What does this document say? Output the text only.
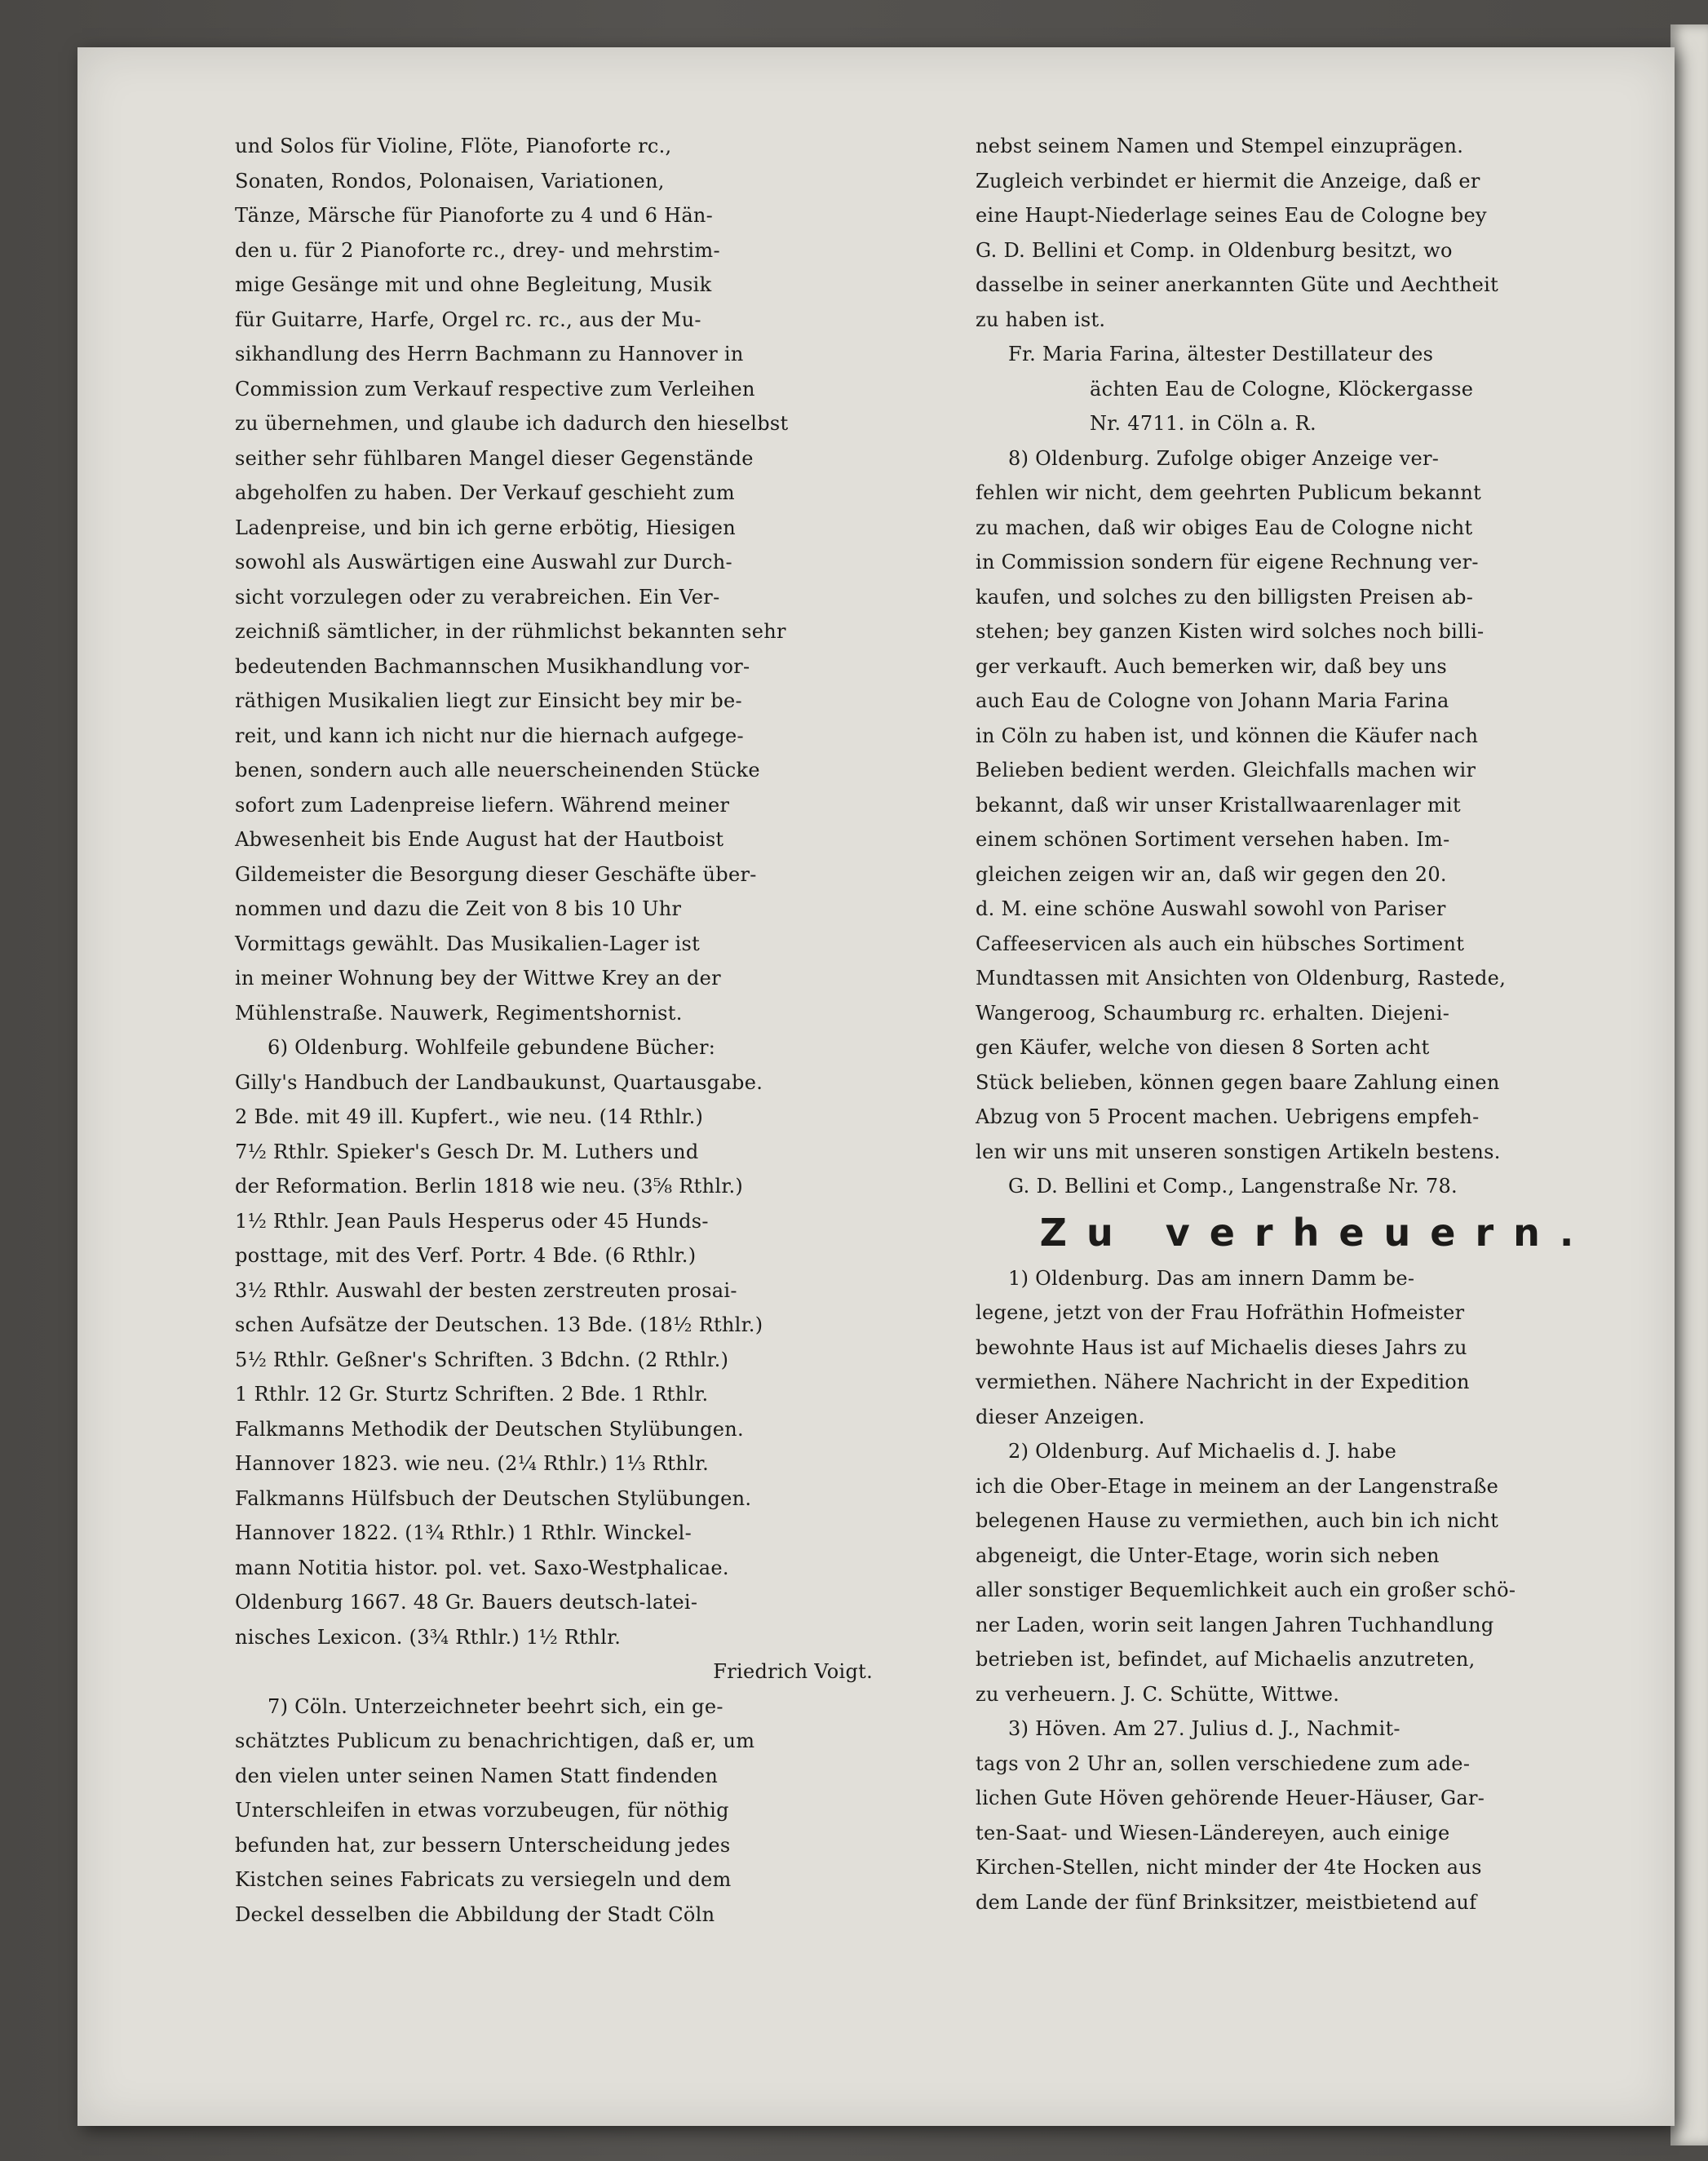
und Solos für Violine, Flöte, Pianoforte rc.,
Sonaten, Rondos, Polonaisen, Variationen,
Tänze, Märsche für Pianoforte zu 4 und 6 Hän-
den u. für 2 Pianoforte rc., drey- und mehrstim-
mige Gesänge mit und ohne Begleitung, Musik
für Guitarre, Harfe, Orgel rc. rc., aus der Mu-
sikhandlung des Herrn Bachmann zu Hannover in
Commission zum Verkauf respective zum Verleihen
zu übernehmen, und glaube ich dadurch den hieselbst
seither sehr fühlbaren Mangel dieser Gegenstände
abgeholfen zu haben. Der Verkauf geschieht zum
Ladenpreise, und bin ich gerne erbötig, Hiesigen
sowohl als Auswärtigen eine Auswahl zur Durch-
sicht vorzulegen oder zu verabreichen. Ein Ver-
zeichniß sämtlicher, in der rühmlichst bekannten sehr
bedeutenden Bachmannschen Musikhandlung vor-
räthigen Musikalien liegt zur Einsicht bey mir be-
reit, und kann ich nicht nur die hiernach aufgege-
benen, sondern auch alle neuerscheinenden Stücke
sofort zum Ladenpreise liefern. Während meiner
Abwesenheit bis Ende August hat der Hautboist
Gildemeister die Besorgung dieser Geschäfte über-
nommen und dazu die Zeit von 8 bis 10 Uhr
Vormittags gewählt. Das Musikalien-Lager ist
in meiner Wohnung bey der Wittwe Krey an der
Mühlenstraße. Nauwerk, Regimentshornist.
6) Oldenburg. Wohlfeile gebundene Bücher:
Gilly's Handbuch der Landbaukunst, Quartausgabe.
2 Bde. mit 49 ill. Kupfert., wie neu. (14 Rthlr.)
7½ Rthlr. Spieker's Gesch Dr. M. Luthers und
der Reformation. Berlin 1818 wie neu. (3⅝ Rthlr.)
1½ Rthlr. Jean Pauls Hesperus oder 45 Hunds-
posttage, mit des Verf. Portr. 4 Bde. (6 Rthlr.)
3½ Rthlr. Auswahl der besten zerstreuten prosai-
schen Aufsätze der Deutschen. 13 Bde. (18½ Rthlr.)
5½ Rthlr. Geßner's Schriften. 3 Bdchn. (2 Rthlr.)
1 Rthlr. 12 Gr. Sturtz Schriften. 2 Bde. 1 Rthlr.
Falkmanns Methodik der Deutschen Stylübungen.
Hannover 1823. wie neu. (2¼ Rthlr.) 1⅓ Rthlr.
Falkmanns Hülfsbuch der Deutschen Stylübungen.
Hannover 1822. (1¾ Rthlr.) 1 Rthlr. Winckel-
mann Notitia histor. pol. vet. Saxo-Westphalicae.
Oldenburg 1667. 48 Gr. Bauers deutsch-latei-
nisches Lexicon. (3¾ Rthlr.) 1½ Rthlr.
Friedrich Voigt.
7) Cöln. Unterzeichneter beehrt sich, ein ge-
schätztes Publicum zu benachrichtigen, daß er, um
den vielen unter seinen Namen Statt findenden
Unterschleifen in etwas vorzubeugen, für nöthig
befunden hat, zur bessern Unterscheidung jedes
Kistchen seines Fabricats zu versiegeln und dem
Deckel desselben die Abbildung der Stadt Cöln
nebst seinem Namen und Stempel einzuprägen.
Zugleich verbindet er hiermit die Anzeige, daß er
eine Haupt-Niederlage seines Eau de Cologne bey
G. D. Bellini et Comp. in Oldenburg besitzt, wo
dasselbe in seiner anerkannten Güte und Aechtheit
zu haben ist.
Fr. Maria Farina, ältester Destillateur des
ächten Eau de Cologne, Klöckergasse
Nr. 4711. in Cöln a. R.
8) Oldenburg. Zufolge obiger Anzeige ver-
fehlen wir nicht, dem geehrten Publicum bekannt
zu machen, daß wir obiges Eau de Cologne nicht
in Commission sondern für eigene Rechnung ver-
kaufen, und solches zu den billigsten Preisen ab-
stehen; bey ganzen Kisten wird solches noch billi-
ger verkauft. Auch bemerken wir, daß bey uns
auch Eau de Cologne von Johann Maria Farina
in Cöln zu haben ist, und können die Käufer nach
Belieben bedient werden. Gleichfalls machen wir
bekannt, daß wir unser Kristallwaarenlager mit
einem schönen Sortiment versehen haben. Im-
gleichen zeigen wir an, daß wir gegen den 20.
d. M. eine schöne Auswahl sowohl von Pariser
Caffeeservicen als auch ein hübsches Sortiment
Mundtassen mit Ansichten von Oldenburg, Rastede,
Wangeroog, Schaumburg rc. erhalten. Diejeni-
gen Käufer, welche von diesen 8 Sorten acht
Stück belieben, können gegen baare Zahlung einen
Abzug von 5 Procent machen. Uebrigens empfeh-
len wir uns mit unseren sonstigen Artikeln bestens.
G. D. Bellini et Comp., Langenstraße Nr. 78.
Zu verheuern.
1) Oldenburg. Das am innern Damm be-
legene, jetzt von der Frau Hofräthin Hofmeister
bewohnte Haus ist auf Michaelis dieses Jahrs zu
vermiethen. Nähere Nachricht in der Expedition
dieser Anzeigen.
2) Oldenburg. Auf Michaelis d. J. habe
ich die Ober-Etage in meinem an der Langenstraße
belegenen Hause zu vermiethen, auch bin ich nicht
abgeneigt, die Unter-Etage, worin sich neben
aller sonstiger Bequemlichkeit auch ein großer schö-
ner Laden, worin seit langen Jahren Tuchhandlung
betrieben ist, befindet, auf Michaelis anzutreten,
zu verheuern. J. C. Schütte, Wittwe.
3) Höven. Am 27. Julius d. J., Nachmit-
tags von 2 Uhr an, sollen verschiedene zum ade-
lichen Gute Höven gehörende Heuer-Häuser, Gar-
ten-Saat- und Wiesen-Ländereyen, auch einige
Kirchen-Stellen, nicht minder der 4te Hocken aus
dem Lande der fünf Brinksitzer, meistbietend auf
